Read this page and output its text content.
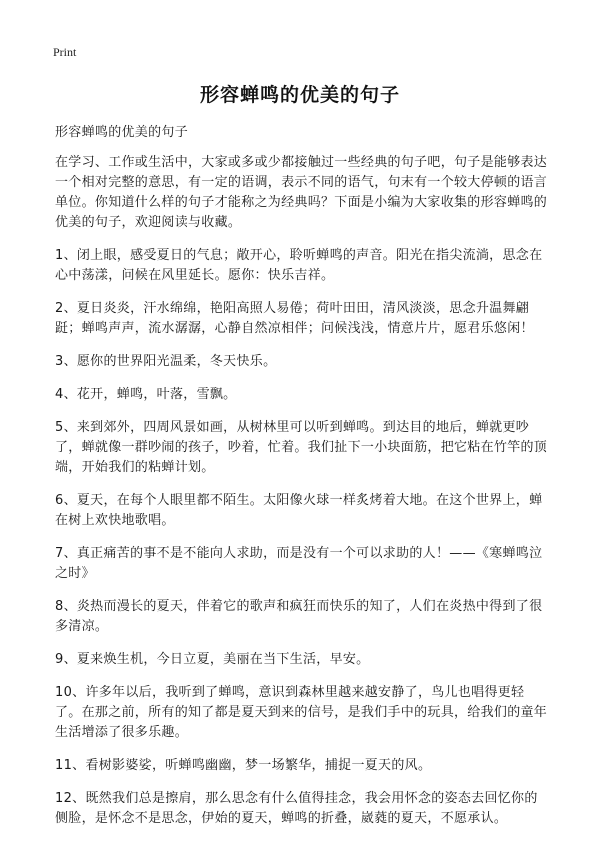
Print
形容蝉鸣的优美的句子

形容蝉鸣的优美的句子

在学习、工作或生活中，大家或多或少都接触过一些经典的句子吧，句子是能够表达一个相对完整的意思，有一定的语调，表示不同的语气，句末有一个较大停顿的语言单位。你知道什么样的句子才能称之为经典吗？下面是小编为大家收集的形容蝉鸣的优美的句子，欢迎阅读与收藏。

1、闭上眼，感受夏日的气息；敞开心，聆听蝉鸣的声音。阳光在指尖流淌，思念在心中荡漾，问候在风里延长。愿你：快乐吉祥。

2、夏日炎炎，汗水绵绵，艳阳高照人易倦；荷叶田田，清风淡淡，思念升温舞翩跹；蝉鸣声声，流水潺潺，心静自然凉相伴；问候浅浅，情意片片，愿君乐悠闲！

3、愿你的世界阳光温柔，冬天快乐。

4、花开，蝉鸣，叶落，雪飘。

5、来到郊外，四周风景如画，从树林里可以听到蝉鸣。到达目的地后，蝉就更吵了，蝉就像一群吵闹的孩子，吵着，忙着。我们扯下一小块面筋，把它粘在竹竿的顶端，开始我们的粘蝉计划。

6、夏天，在每个人眼里都不陌生。太阳像火球一样炙烤着大地。在这个世界上，蝉在树上欢快地歌唱。

7、真正痛苦的事不是不能向人求助，而是没有一个可以求助的人！——《寒蝉鸣泣之时》

8、炎热而漫长的夏天，伴着它的歌声和疯狂而快乐的知了，人们在炎热中得到了很多清凉。

9、夏来焕生机，今日立夏，美丽在当下生活，早安。

10、许多年以后，我听到了蝉鸣，意识到森林里越来越安静了，鸟儿也唱得更轻了。在那之前，所有的知了都是夏天到来的信号，是我们手中的玩具，给我们的童年生活增添了很多乐趣。

11、看树影婆娑，听蝉鸣幽幽，梦一场繁华，捕捉一夏天的风。

12、既然我们总是擦肩，那么思念有什么值得挂念，我会用怀念的姿态去回忆你的侧脸，是怀念不是思念，伊始的夏天，蝉鸣的折叠，崴蕤的夏天，不愿承认。
